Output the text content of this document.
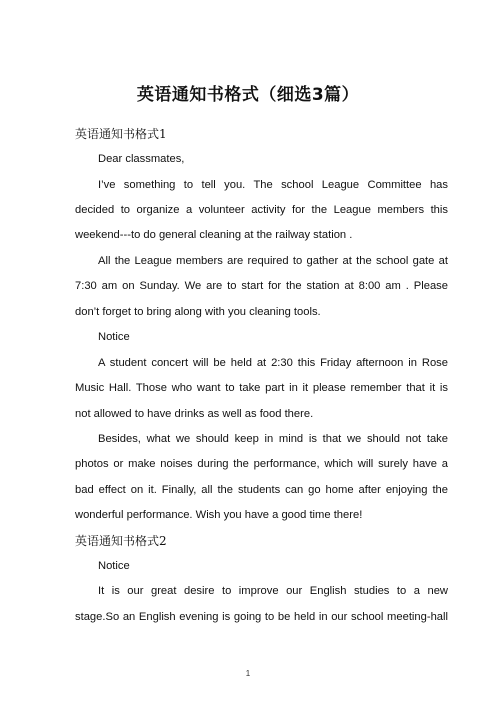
英语通知书格式（细选3篇）
英语通知书格式1
Dear classmates,
I’ve something to tell you. The school League Committee has
decided to organize a volunteer activity for the League members this
weekend---to do general cleaning at the railway station .
All the League members are required to gather at the school gate at
7:30 am on Sunday. We are to start for the station at 8:00 am . Please
don’t forget to bring along with you cleaning tools.
Notice
A student concert will be held at 2:30 this Friday afternoon in Rose
Music Hall. Those who want to take part in it please remember that it is
not allowed to have drinks as well as food there.
Besides, what we should keep in mind is that we should not take
photos or make noises during the performance, which will surely have a
bad effect on it. Finally, all the students can go home after enjoying the
wonderful performance. Wish you have a good time there!
英语通知书格式2
Notice
It is our great desire to improve our English studies to a new
stage.So an English evening is going to be held in our school meeting-hall
1
